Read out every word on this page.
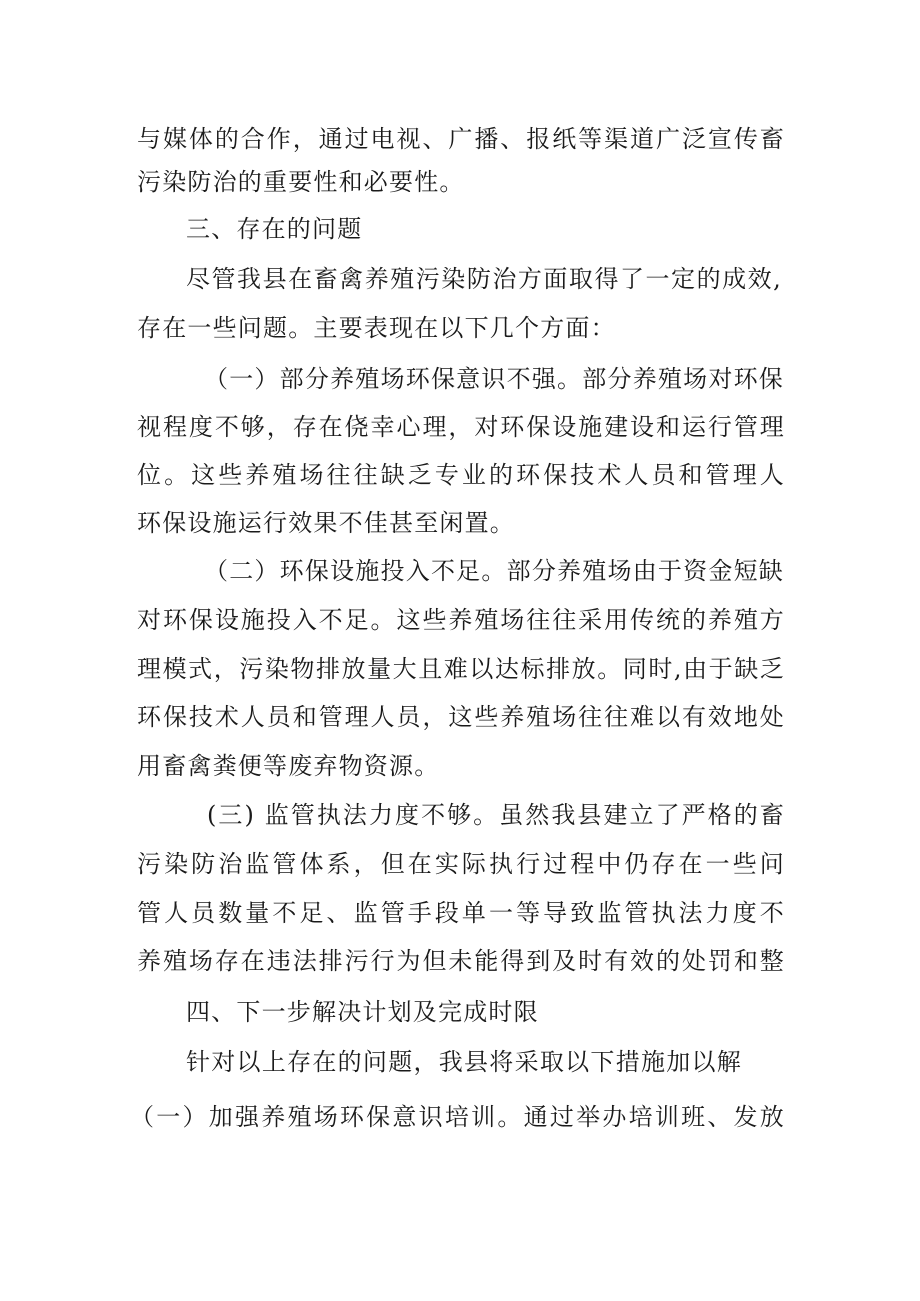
与媒体的合作，通过电视、广播、报纸等渠道广泛宣传畜
污染防治的重要性和必要性。
三、存在的问题
尽管我县在畜禽养殖污染防治方面取得了一定的成效,
存在一些问题。主要表现在以下几个方面：
（一）部分养殖场环保意识不强。部分养殖场对环保
视程度不够，存在侥幸心理，对环保设施建设和运行管理
位。这些养殖场往往缺乏专业的环保技术人员和管理人
环保设施运行效果不佳甚至闲置。
（二）环保设施投入不足。部分养殖场由于资金短缺
对环保设施投入不足。这些养殖场往往采用传统的养殖方
理模式，污染物排放量大且难以达标排放。同时,由于缺乏
环保技术人员和管理人员，这些养殖场往往难以有效地处
用畜禽粪便等废弃物资源。
(三) 监管执法力度不够。虽然我县建立了严格的畜
污染防治监管体系，但在实际执行过程中仍存在一些问
管人员数量不足、监管手段单一等导致监管执法力度不
养殖场存在违法排污行为但未能得到及时有效的处罚和整
四、下一步解决计划及完成时限
针对以上存在的问题，我县将采取以下措施加以解
（一）加强养殖场环保意识培训。通过举办培训班、发放
